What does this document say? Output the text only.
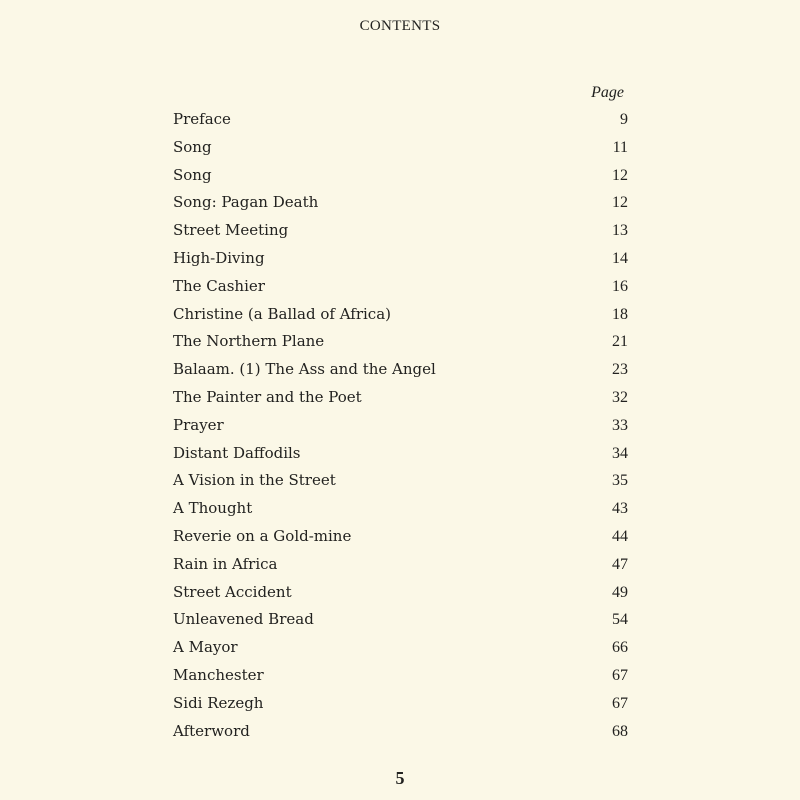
CONTENTS
Page
Preface	9
Song	11
Song	12
Song: Pagan Death	12
Street Meeting	13
High-Diving	14
The Cashier	16
Christine (a Ballad of Africa)	18
The Northern Plane	21
Balaam. (1) The Ass and the Angel	23
The Painter and the Poet	32
Prayer	33
Distant Daffodils	34
A Vision in the Street	35
A Thought	43
Reverie on a Gold-mine	44
Rain in Africa	47
Street Accident	49
Unleavened Bread	54
A Mayor	66
Manchester	67
Sidi Rezegh	67
Afterword	68
5
